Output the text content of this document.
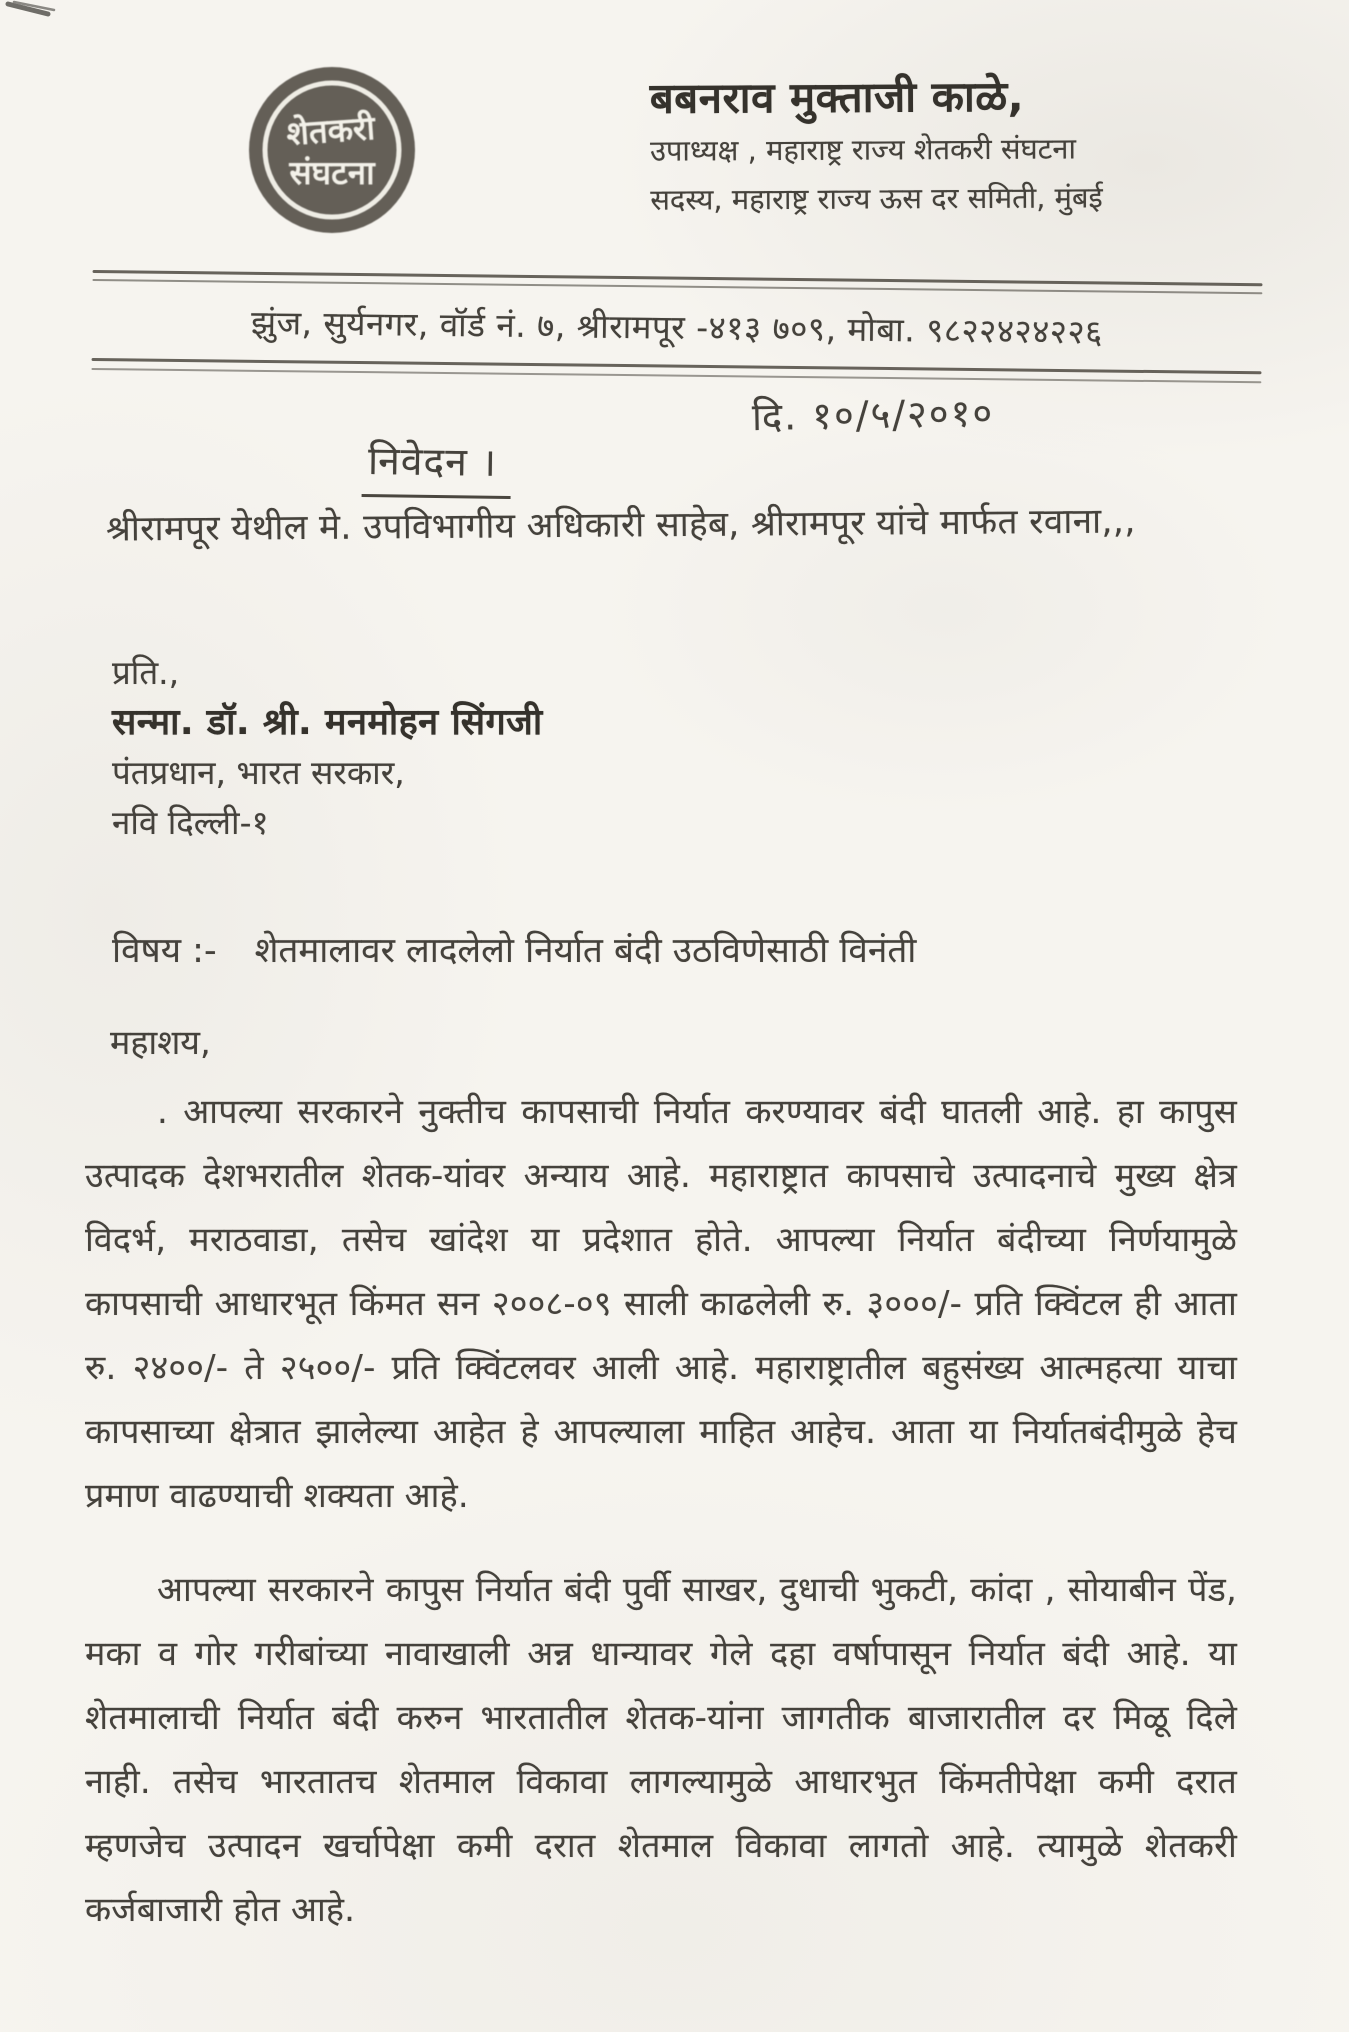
शेतकरी
संघटना
बबनराव मुक्ताजी काळे,
उपाध्यक्ष , महाराष्ट्र राज्य शेतकरी संघटना
सदस्य, महाराष्ट्र राज्य ऊस दर समिती, मुंबई
झुंज, सुर्यनगर, वॉर्ड नं. ७, श्रीरामपूर -४१३ ७०९, मोबा. ९८२२४२४२२६
दि. १०/५/२०१०
निवेदन ।
श्रीरामपूर येथील मे. उपविभागीय अधिकारी साहेब, श्रीरामपूर यांचे मार्फत रवाना,,,
प्रति.,
सन्मा. डॉ. श्री. मनमोहन सिंगजी
पंतप्रधान, भारत सरकार,
नवि दिल्ली-१
विषय :- शेतमालावर लादलेलो निर्यात बंदी उठविणेसाठी विनंती
महाशय,

. आपल्या सरकारने नुक्तीच कापसाची निर्यात करण्यावर बंदी घातली आहे. हा कापुस उत्पादक देशभरातील शेतक-यांवर अन्याय आहे. महाराष्ट्रात कापसाचे उत्पादनाचे मुख्य क्षेत्र विदर्भ, मराठवाडा, तसेच खांदेश या प्रदेशात होते. आपल्या निर्यात बंदीच्या निर्णयामुळे कापसाची आधारभूत किंमत सन २००८-०९ साली काढलेली रु. ३०००/- प्रति क्विंटल ही आता रु. २४००/- ते २५००/- प्रति क्विंटलवर आली आहे. महाराष्ट्रातील बहुसंख्य आत्महत्या याचा कापसाच्या क्षेत्रात झालेल्या आहेत हे आपल्याला माहित आहेच. आता या निर्यातबंदीमुळे हेच प्रमाण वाढण्याची शक्यता आहे.

आपल्या सरकारने कापुस निर्यात बंदी पुर्वी साखर, दुधाची भुकटी, कांदा , सोयाबीन पेंड, मका व गोर गरीबांच्या नावाखाली अन्न धान्यावर गेले दहा वर्षापासून निर्यात बंदी आहे. या शेतमालाची निर्यात बंदी करुन भारतातील शेतक-यांना जागतीक बाजारातील दर मिळू दिले नाही. तसेच भारतातच शेतमाल विकावा लागल्यामुळे आधारभुत किंमतीपेक्षा कमी दरात म्हणजेच उत्पादन खर्चापेक्षा कमी दरात शेतमाल विकावा लागतो आहे. त्यामुळे शेतकरी कर्जबाजारी होत आहे.
